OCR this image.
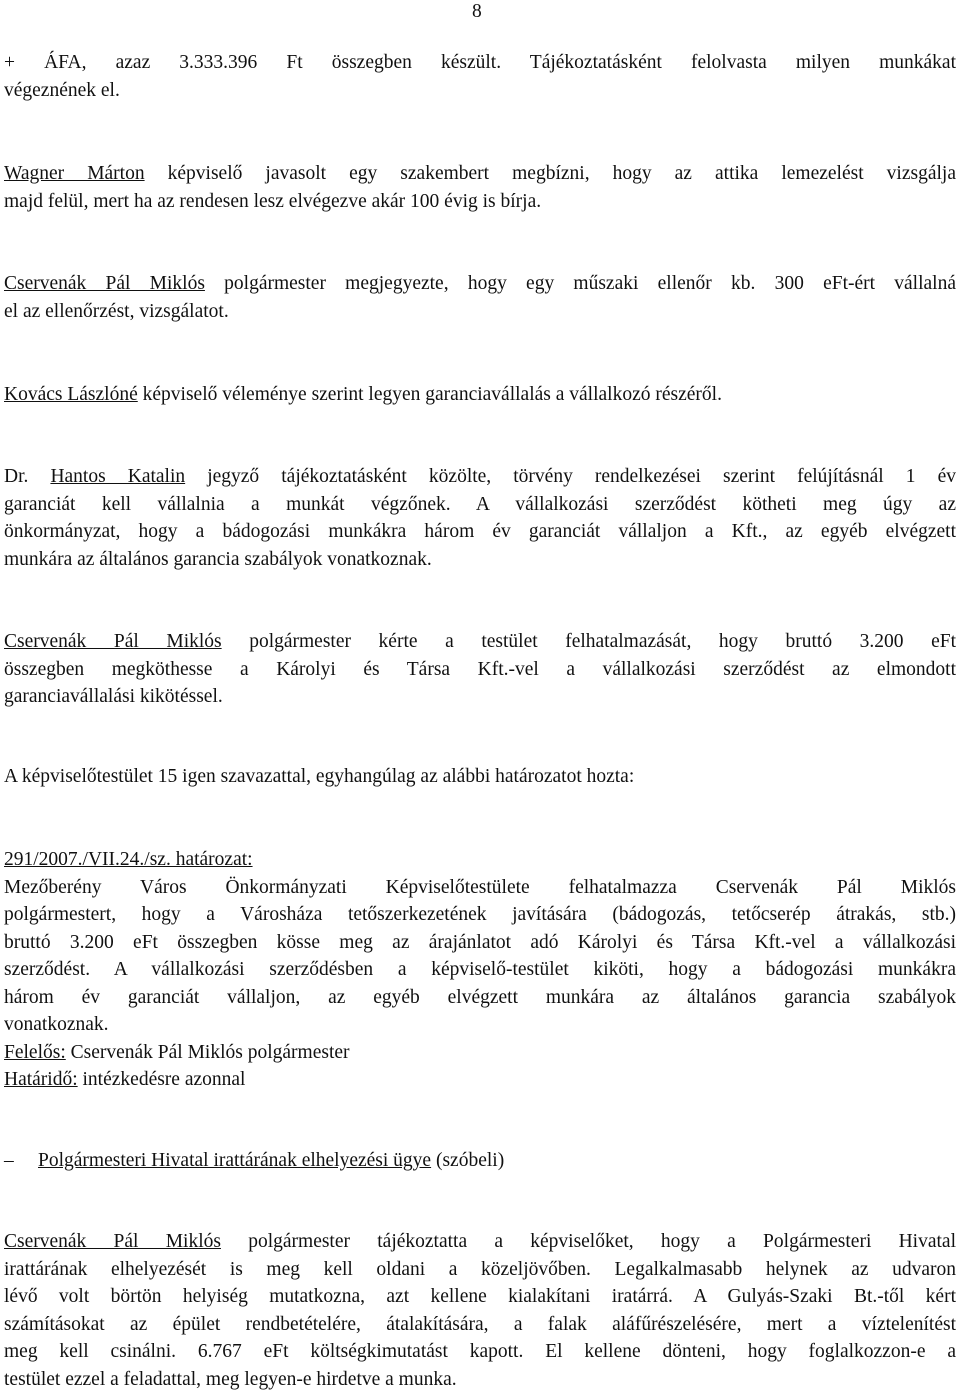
8
+ ÁFA, azaz 3.333.396 Ft összegben készült. Tájékoztatásként felolvasta milyen munkákat
végeznének el.
Wagner Márton képviselő javasolt egy szakembert megbízni, hogy az attika lemezelést vizsgálja
majd felül, mert ha az rendesen lesz elvégezve akár 100 évig is bírja.
Cservenák Pál Miklós polgármester megjegyezte, hogy egy műszaki ellenőr kb. 300 eFt-ért vállalná
el az ellenőrzést, vizsgálatot.
Kovács Lászlóné képviselő véleménye szerint legyen garanciavállalás a vállalkozó részéről.
Dr. Hantos Katalin jegyző tájékoztatásként közölte, törvény rendelkezései szerint felújításnál 1 év
garanciát kell vállalnia a munkát végzőnek. A vállalkozási szerződést kötheti meg úgy az
önkormányzat, hogy a bádogozási munkákra három év garanciát vállaljon a Kft., az egyéb elvégzett
munkára az általános garancia szabályok vonatkoznak.
Cservenák Pál Miklós polgármester kérte a testület felhatalmazását, hogy bruttó 3.200 eFt
összegben megköthesse a Károlyi és Társa Kft.-vel a vállalkozási szerződést az elmondott
garanciavállalási kikötéssel.
A képviselőtestület 15 igen szavazattal, egyhangúlag az alábbi határozatot hozta:
291/2007./VII.24./sz. határozat:
Mezőberény Város Önkormányzati Képviselőtestülete felhatalmazza Cservenák Pál Miklós
polgármestert, hogy a Városháza tetőszerkezetének javítására (bádogozás, tetőcserép átrakás, stb.)
bruttó 3.200 eFt összegben kösse meg az árajánlatot adó Károlyi és Társa Kft.-vel a vállalkozási
szerződést. A vállalkozási szerződésben a képviselő-testület kiköti, hogy a bádogozási munkákra
három év garanciát vállaljon, az egyéb elvégzett munkára az általános garancia szabályok
vonatkoznak.
Felelős: Cservenák Pál Miklós polgármester
Határidő: intézkedésre azonnal
– Polgármesteri Hivatal irattárának elhelyezési ügye (szóbeli)
Cservenák Pál Miklós polgármester tájékoztatta a képviselőket, hogy a Polgármesteri Hivatal
irattárának elhelyezését is meg kell oldani a közeljövőben. Legalkalmasabb helynek az udvaron
lévő volt börtön helyiség mutatkozna, azt kellene kialakítani iratárrá. A Gulyás-Szaki Bt.-től kért
számításokat az épület rendbetételére, átalakítására, a falak aláfűrészelésére, mert a víztelenítést
meg kell csinálni. 6.767 eFt költségkimutatást kapott. El kellene dönteni, hogy foglalkozzon-e a
testület ezzel a feladattal, meg legyen-e hirdetve a munka.
